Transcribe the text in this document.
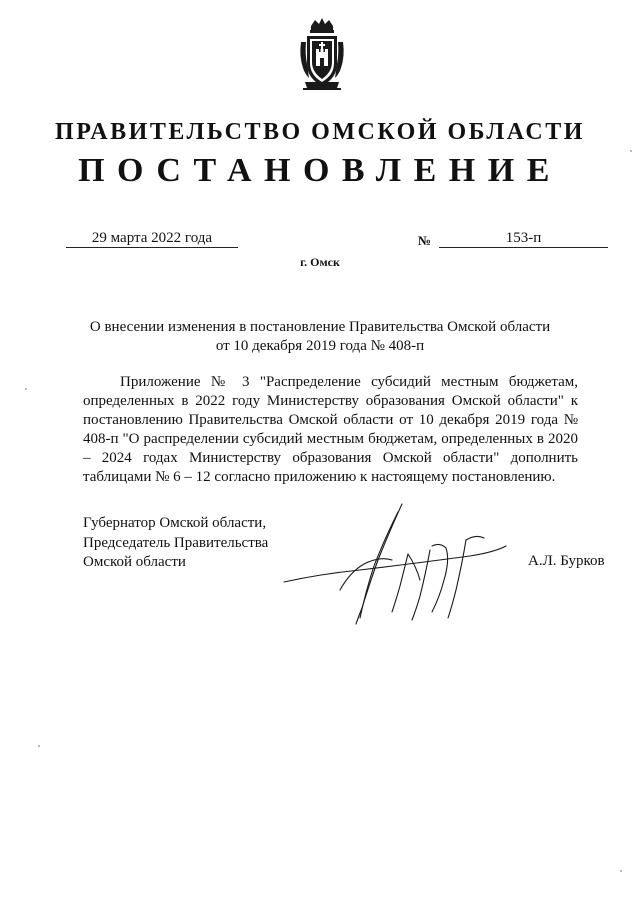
ПРАВИТЕЛЬСТВО ОМСКОЙ ОБЛАСТИ
ПОСТАНОВЛЕНИЕ
29 марта 2022 года	№	153-п
г. Омск
О внесении изменения в постановление Правительства Омской области
от 10 декабря 2019 года № 408-п
Приложение № 3 "Распределение субсидий местным бюджетам, определенных в 2022 году Министерству образования Омской области" к постановлению Правительства Омской области от 10 декабря 2019 года № 408-п "О распределении субсидий местным бюджетам, определенных в 2020 – 2024 годах Министерству образования Омской области" дополнить таблицами № 6 – 12 согласно приложению к настоящему постановлению.
Губернатор Омской области,
Председатель Правительства
Омской области	А.Л. Бурков
